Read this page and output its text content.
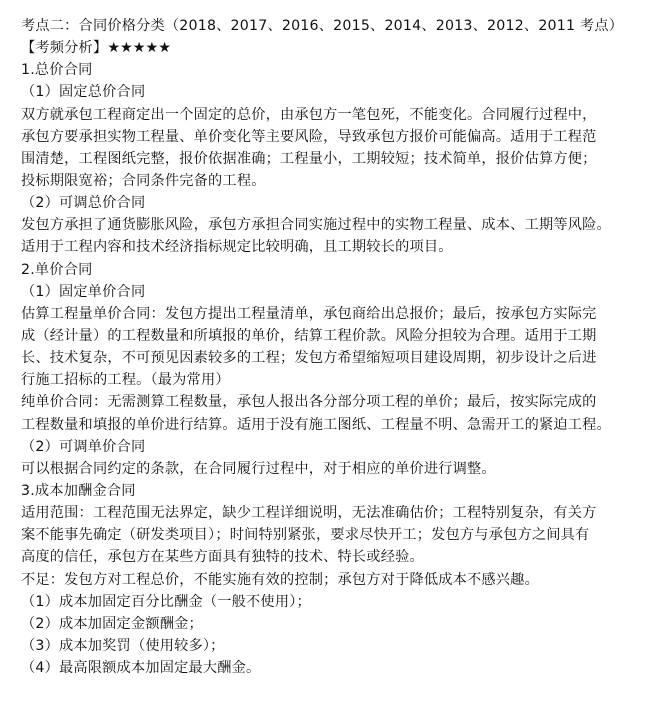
考点二：合同价格分类（2018、2017、2016、2015、2014、2013、2012、2011 考点）
【考频分析】★★★★★
1.总价合同
（1）固定总价合同
双方就承包工程商定出一个固定的总价，由承包方一笔包死，不能变化。合同履行过程中，
承包方要承担实物工程量、单价变化等主要风险，导致承包方报价可能偏高。适用于工程范
围清楚，工程图纸完整，报价依据准确；工程量小，工期较短；技术简单，报价估算方便；
投标期限宽裕；合同条件完备的工程。
（2）可调总价合同
发包方承担了通货膨胀风险，承包方承担合同实施过程中的实物工程量、成本、工期等风险。
适用于工程内容和技术经济指标规定比较明确，且工期较长的项目。
2.单价合同
（1）固定单价合同
估算工程量单价合同：发包方提出工程量清单，承包商给出总报价；最后，按承包方实际完
成（经计量）的工程数量和所填报的单价，结算工程价款。风险分担较为合理。适用于工期
长、技术复杂，不可预见因素较多的工程；发包方希望缩短项目建设周期，初步设计之后进
行施工招标的工程。（最为常用）
纯单价合同：无需测算工程数量，承包人报出各分部分项工程的单价；最后，按实际完成的
工程数量和填报的单价进行结算。适用于没有施工图纸、工程量不明、急需开工的紧迫工程。
（2）可调单价合同
可以根据合同约定的条款，在合同履行过程中，对于相应的单价进行调整。
3.成本加酬金合同
适用范围：工程范围无法界定，缺少工程详细说明，无法准确估价；工程特别复杂，有关方
案不能事先确定（研发类项目）；时间特别紧张，要求尽快开工；发包方与承包方之间具有
高度的信任，承包方在某些方面具有独特的技术、特长或经验。
不足：发包方对工程总价，不能实施有效的控制；承包方对于降低成本不感兴趣。
（1）成本加固定百分比酬金（一般不使用）；
（2）成本加固定金额酬金；
（3）成本加奖罚（使用较多）；
（4）最高限额成本加固定最大酬金。
